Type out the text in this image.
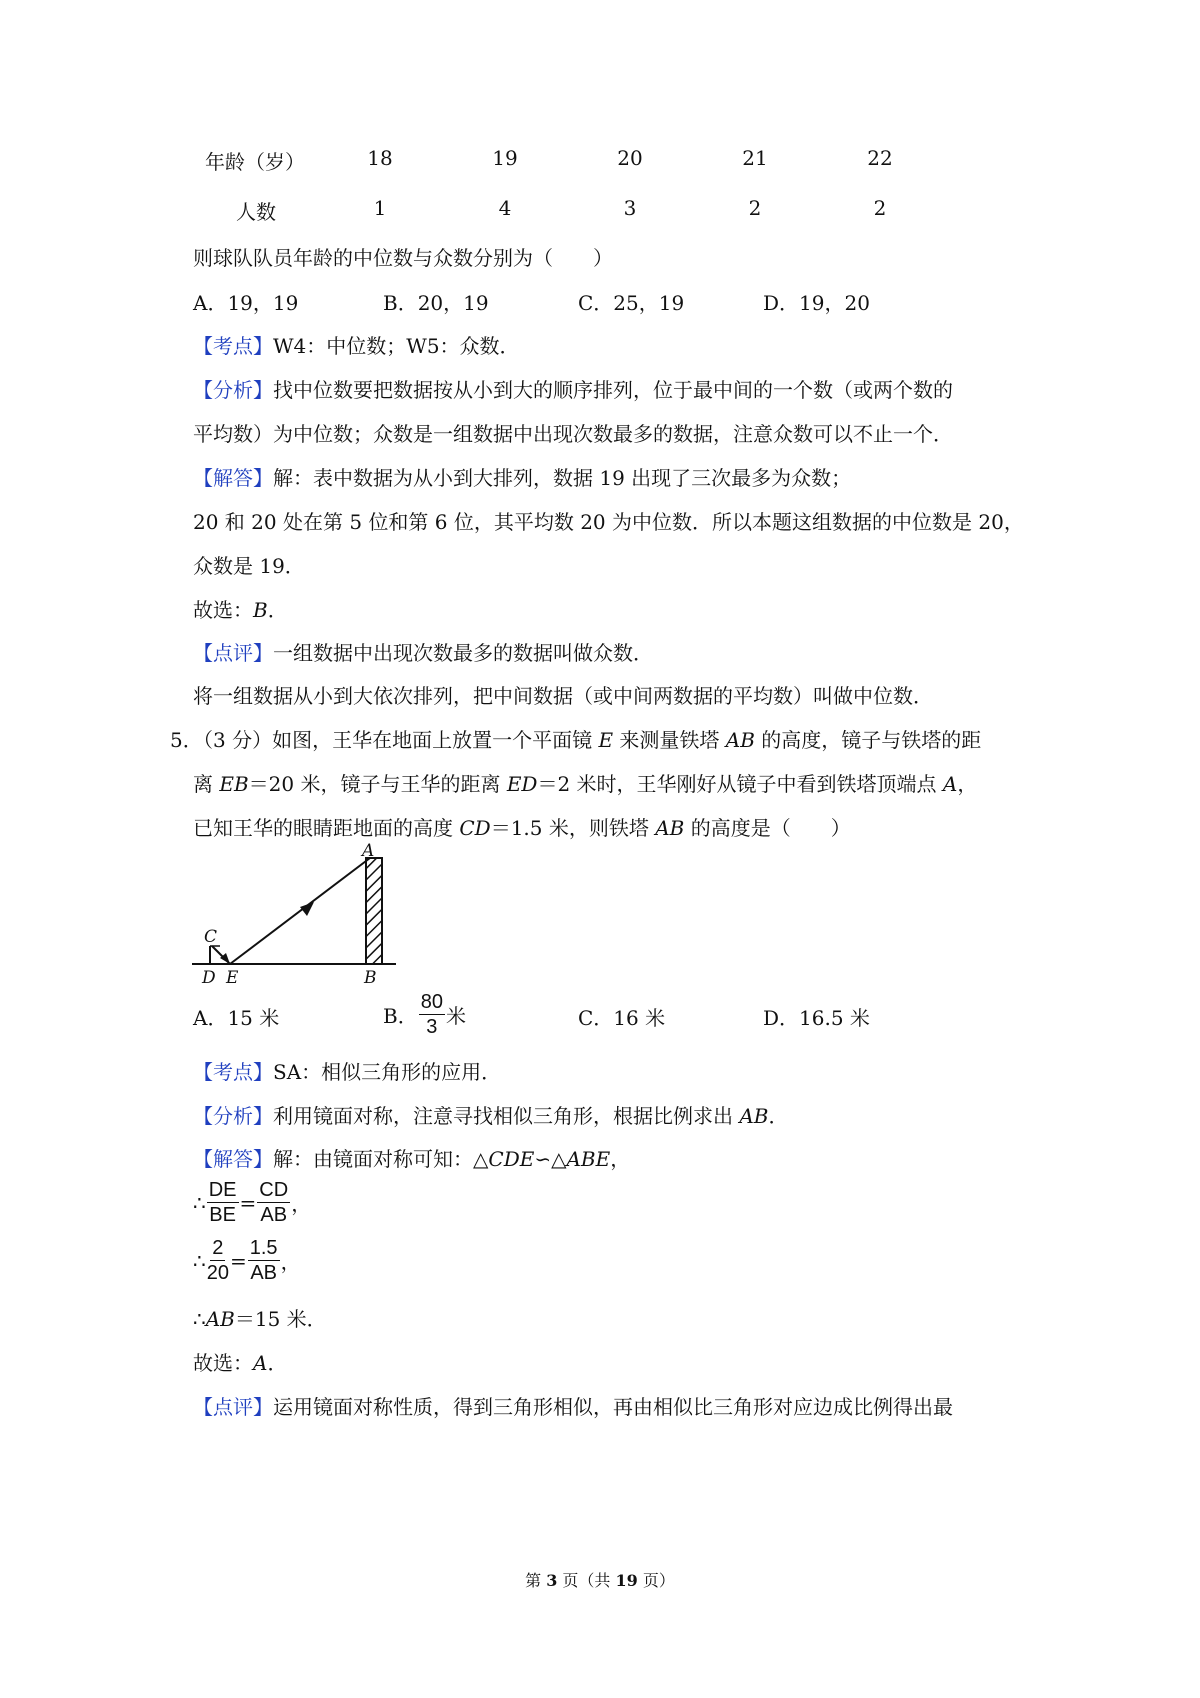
年龄（岁）	18	19	20	21	22
人数	1	4	3	2	2
则球队队员年龄的中位数与众数分别为（　　）
A．19，19	B．20，19	C．25，19	D．19，20
【考点】W4：中位数；W5：众数．
【分析】找中位数要把数据按从小到大的顺序排列，位于最中间的一个数（或两个数的
平均数）为中位数；众数是一组数据中出现次数最多的数据，注意众数可以不止一个．
【解答】解：表中数据为从小到大排列，数据 19 出现了三次最多为众数；
20 和 20 处在第 5 位和第 6 位，其平均数 20 为中位数．所以本题这组数据的中位数是 20，
众数是 19．
故选：B．
【点评】一组数据中出现次数最多的数据叫做众数．
将一组数据从小到大依次排列，把中间数据（或中间两数据的平均数）叫做中位数．
5．
（3 分）如图，王华在地面上放置一个平面镜 E 来测量铁塔 AB 的高度，镜子与铁塔的距
离 EB＝20 米，镜子与王华的距离 ED＝2 米时，王华刚好从镜子中看到铁塔顶端点 A，
已知王华的眼睛距地面的高度 CD＝1.5 米，则铁塔 AB 的高度是（　　）
A
C
D E	B
A．15 米	B． $\frac{80}{3}$ 米	C．16 米	D．16.5 米
【考点】SA：相似三角形的应用．
【分析】利用镜面对称，注意寻找相似三角形，根据比例求出 AB．
【解答】解：由镜面对称可知：△CDE∽△ABE，
∴ $\frac{DE}{BE} = \frac{CD}{AB}$ ，
∴ $\frac{2}{20} = \frac{1.5}{AB}$ ，
∴AB＝15 米．
故选：A．
【点评】运用镜面对称性质，得到三角形相似，再由相似比三角形对应边成比例得出最
第 3 页（共 19 页）
